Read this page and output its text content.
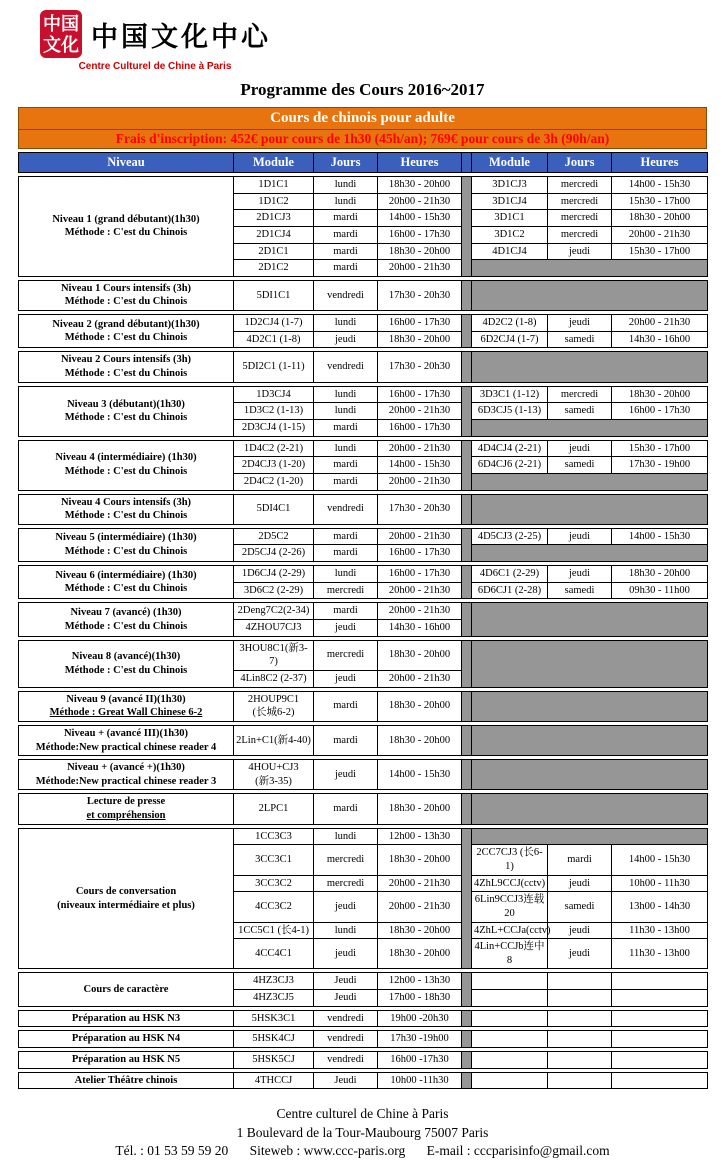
中 国
文 化 中国文化中心
Centre Culturel de Chine à Paris
Programme des Cours 2016~2017
Cours de chinois pour adulte
Frais d'inscription: 452€ pour cours de 1h30 (45h/an); 769€ pour cours de 3h (90h/an)
Niveau	Module	Jours	Heures		Module	Jours	Heures
Niveau 1 (grand débutant)(1h30)
Méthode : C'est du Chinois	1D1C1	lundi	18h30 - 20h00		3D1CJ3	mercredi	14h00 - 15h30
	1D1C2	lundi	20h00 - 21h30		3D1CJ4	mercredi	15h30 - 17h00
	2D1CJ3	mardi	14h00 - 15h30		3D1C1	mercredi	18h30 - 20h00
	2D1CJ4	mardi	16h00 - 17h30		3D1C2	mercredi	20h00 - 21h30
	2D1C1	mardi	18h30 - 20h00		4D1CJ4	jeudi	15h30 - 17h00
	2D1C2	mardi	20h00 - 21h30				
Niveau 1 Cours intensifs (3h)
Méthode : C'est du Chinois
	5DI1C1	vendredi	17h30 - 20h30		
Niveau 2 (grand débutant)(1h30)
Méthode : C'est du Chinois	1D2CJ4 (1-7)	lundi	16h00 - 17h30		4D2C2 (1-8)	jeudi	20h00 - 21h30
	4D2C1 (1-8)	jeudi	18h30 - 20h00		6D2CJ4 (1-7)	samedi	14h30 - 16h00
Niveau 2 Cours intensifs (3h)
Méthode : C'est du Chinois
	5DI2C1 (1-11)	vendredi	17h30 - 20h30		
Niveau 3 (débutant)(1h30)
Méthode : C'est du Chinois	1D3CJ4	lundi	16h00 - 17h30		3D3C1 (1-12)	mercredi	18h30 - 20h00
	1D3C2 (1-13)	lundi	20h00 - 21h30		6D3CJ5 (1-13)	samedi	16h00 - 17h30
	2D3CJ4 (1-15)	mardi	16h00 - 17h30				
Niveau 4 (intermédiaire) (1h30)
Méthode : C'est du Chinois	1D4C2 (2-21)	lundi	20h00 - 21h30		4D4CJ4 (2-21)	jeudi	15h30 - 17h00
	2D4CJ3 (1-20)	mardi	14h00 - 15h30		6D4CJ6 (2-21)	samedi	17h30 - 19h00
	2D4C2 (1-20)	mardi	20h00 - 21h30				
Niveau 4 Cours intensifs (3h)
Méthode : C'est du Chinois
	5DI4C1	vendredi	17h30 - 20h30		
Niveau 5 (intermédiaire) (1h30)
Méthode : C'est du Chinois	2D5C2	mardi	20h00 - 21h30		4D5CJ3 (2-25)	jeudi	14h00 - 15h30
	2D5CJ4 (2-26)	mardi	16h00 - 17h30				
Niveau 6 (intermédiaire) (1h30)
Méthode : C'est du Chinois	1D6CJ4 (2-29)	lundi	16h00 - 17h30		4D6C1 (2-29)	jeudi	18h30 - 20h00
	3D6C2 (2-29)	mercredi	20h00 - 21h30		6D6CJ1 (2-28)	samedi	09h30 - 11h00
Niveau 7 (avancé) (1h30)
Méthode : C'est du Chinois	2Deng7C2(2-34)	mardi	20h00 - 21h30		
	4ZHOU7CJ3	jeudi	14h30 - 16h00		
Niveau 8 (avancé)(1h30)
Méthode : C'est du Chinois	3HOU8C1(新3-7)	mercredi	18h30 - 20h00		
	4Lin8C2 (2-37)	jeudi	20h00 - 21h30		
Niveau 9 (avancé II)(1h30)
Méthode : Great Wall Chinese 6-2
	2HOUP9C1
(长城6-2)	mardi	18h30 - 20h00		
Niveau + (avancé III)(1h30)
Méthode:New practical chinese reader 4
	2Lin+C1(新4-40)	mardi	18h30 - 20h00		
Niveau + (avancé +)(1h30)
Méthode:New practical chinese reader 3
	4HOU+CJ3
(新3-35)	jeudi	14h00 - 15h30		
Lecture de presse
et compréhension
	2LPC1	mardi	18h30 - 20h00		
Cours de conversation
(niveaux intermédiaire et plus)	1CC3C3	lundi	12h00 - 13h30				
	3CC3C1	mercredi	18h30 - 20h00		2CC7CJ3 (长6-1)	mardi	14h00 - 15h30
	3CC3C2	mercredi	20h00 - 21h30		4ZhL9CCJ(cctv)	jeudi	10h00 - 11h30
	4CC3C2	jeudi	20h00 - 21h30		6Lin9CCJ3连载20	samedi	13h00 - 14h30
	1CC5C1 (长4-1)	lundi	18h30 - 20h00		4ZhL+CCJa(cctv)	jeudi	11h30 - 13h00
	4CC4C1	jeudi	18h30 - 20h00		4Lin+CCJb连中8	jeudi	11h30 - 13h00
Cours de caractère	4HZ3CJ3	Jeudi	12h00 - 13h30				
	4HZ3CJ5	Jeudi	17h00 - 18h30				
Préparation au HSK N3	5HSK3C1	vendredi	19h00 -20h30				
Préparation au HSK N4	5HSK4CJ	vendredi	17h30 -19h00				
Préparation au HSK N5	5HSK5CJ	vendredi	16h00 -17h30				
Atelier Théâtre chinois	4THCCJ	Jeudi	10h00 -11h30				
Centre culturel de Chine à Paris
1 Boulevard de la Tour-Maubourg 75007 Paris
Tél. : 01 53 59 59 20 Siteweb : www.ccc-paris.org E-mail : cccparisinfo@gmail.com
